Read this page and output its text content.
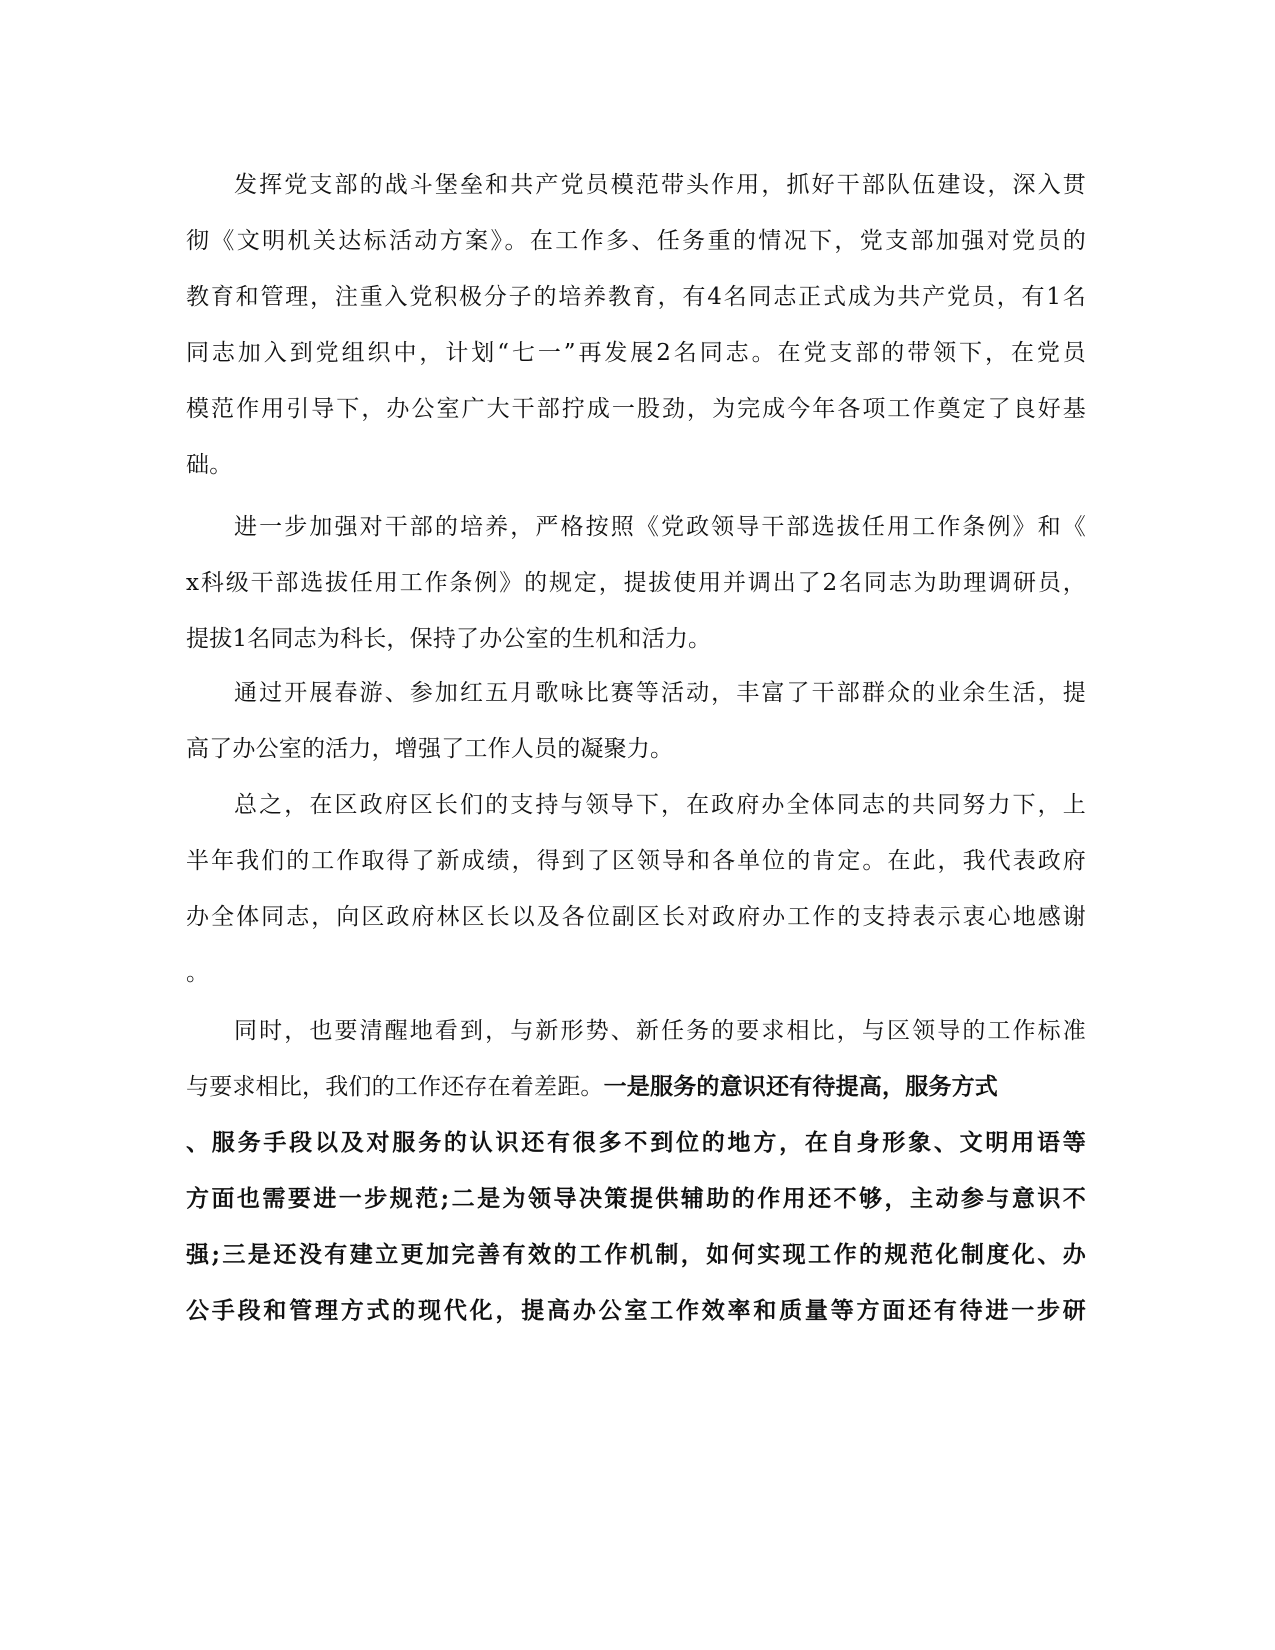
发挥党支部的战斗堡垒和共产党员模范带头作用，抓好干部队伍建设，深入贯
彻《文明机关达标活动方案》。在工作多、任务重的情况下，党支部加强对党员的
教育和管理，注重入党积极分子的培养教育，有4名同志正式成为共产党员，有1名
同志加入到党组织中，计划“七一”再发展2名同志。在党支部的带领下，在党员
模范作用引导下，办公室广大干部拧成一股劲，为完成今年各项工作奠定了良好基
础。
进一步加强对干部的培养，严格按照《党政领导干部选拔任用工作条例》和《
x科级干部选拔任用工作条例》的规定，提拔使用并调出了2名同志为助理调研员，
提拔1名同志为科长，保持了办公室的生机和活力。
通过开展春游、参加红五月歌咏比赛等活动，丰富了干部群众的业余生活，提
高了办公室的活力，增强了工作人员的凝聚力。
总之，在区政府区长们的支持与领导下，在政府办全体同志的共同努力下，上
半年我们的工作取得了新成绩，得到了区领导和各单位的肯定。在此，我代表政府
办全体同志，向区政府林区长以及各位副区长对政府办工作的支持表示衷心地感谢
。
同时，也要清醒地看到，与新形势、新任务的要求相比，与区领导的工作标准
与要求相比，我们的工作还存在着差距。一是服务的意识还有待提高，服务方式
、服务手段以及对服务的认识还有很多不到位的地方，在自身形象、文明用语等
方面也需要进一步规范;二是为领导决策提供辅助的作用还不够，主动参与意识不
强;三是还没有建立更加完善有效的工作机制，如何实现工作的规范化制度化、办
公手段和管理方式的现代化，提高办公室工作效率和质量等方面还有待进一步研
